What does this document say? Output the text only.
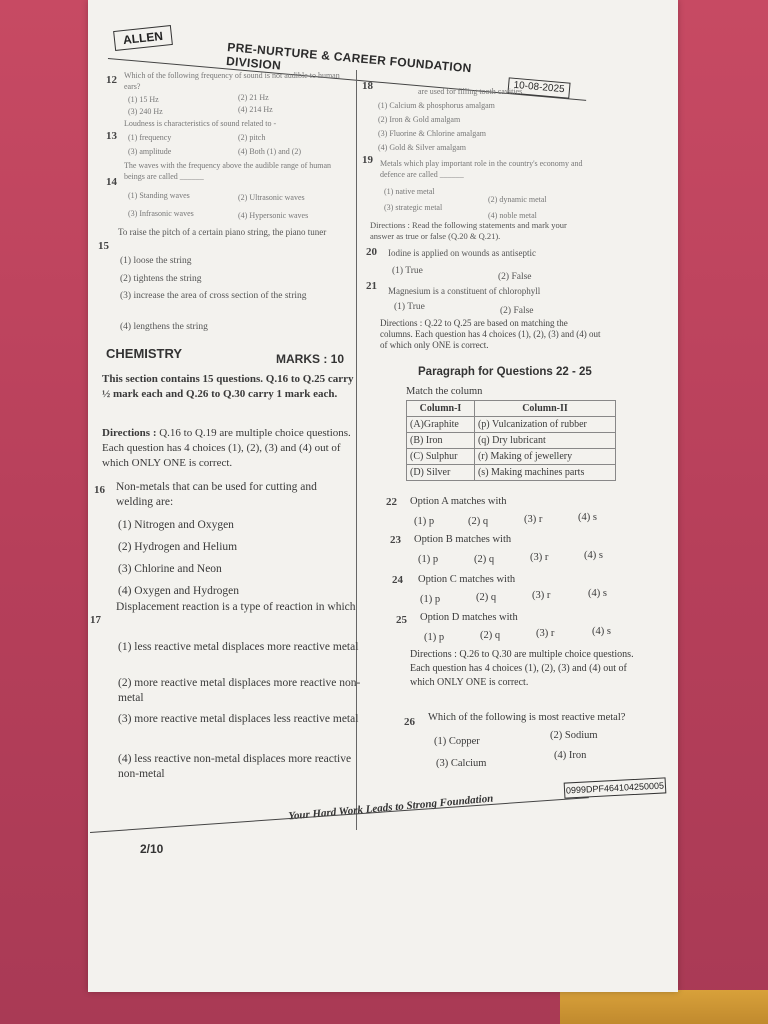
ALLEN
PRE-NURTURE & CAREER FOUNDATION DIVISION
10-08-2025
12 Which of the following frequency of sound is not audible to human ears?
(1) 15 Hz	(2) 21 Hz
(3) 240 Hz	(4) 214 Hz
13
Loudness is characteristics of sound related to -
(1) frequency	(2) pitch
(3) amplitude	(4) Both (1) and (2)
14
The waves with the frequency above the audible range of human beings are called ______
(1) Standing waves	(2) Ultrasonic waves
(3) Infrasonic waves	(4) Hypersonic waves
15
To raise the pitch of a certain piano string, the piano tuner
(1) loose the string
(2) tightens the string
(3) increase the area of cross section of the string
(4) lengthens the string
CHEMISTRY	MARKS : 10
This section contains 15 questions. Q.16 to Q.25 carry ½ mark each and Q.26 to Q.30 carry 1 mark each.
Directions : Q.16 to Q.19 are multiple choice questions. Each question has 4 choices (1), (2), (3) and (4) out of which ONLY ONE is correct.
16 Non-metals that can be used for cutting and welding are:
(1) Nitrogen and Oxygen
(2) Hydrogen and Helium
(3) Chlorine and Neon
(4) Oxygen and Hydrogen
17
Displacement reaction is a type of reaction in which
(1) less reactive metal displaces more reactive metal
(2) more reactive metal displaces more reactive non-metal
(3) more reactive metal displaces less reactive metal
(4) less reactive non-metal displaces more reactive non-metal
18	are used for filling tooth cavities
(1) Calcium & phosphorus amalgam
(2) Iron & Gold amalgam
(3) Fluorine & Chlorine amalgam
(4) Gold & Silver amalgam
19 Metals which play important role in the country's economy and defence are called ______
(1) native metal
(2) dynamic metal
(3) strategic metal
(4) noble metal
Directions : Read the following statements and mark your answer as true or false (Q.20 & Q.21).
20 Iodine is applied on wounds as antiseptic
(1) True
(2) False
21 Magnesium is a constituent of chlorophyll
(1) True	(2) False
Directions : Q.22 to Q.25 are based on matching the columns. Each question has 4 choices (1), (2), (3) and (4) out of which only ONE is correct.
Paragraph for Questions 22 - 25
Match the column
Column-I	Column-II
(A)Graphite	(p) Vulcanization of rubber
(B) Iron	(q) Dry lubricant
(C) Sulphur	(r) Making of jewellery
(D) Silver	(s) Making machines parts
22 Option A matches with
(1) p	(2) q	(3) r	(4) s
23 Option B matches with
(1) p	(2) q	(3) r	(4) s
24 Option C matches with
(1) p	(2) q	(3) r	(4) s
25 Option D matches with
(1) p	(2) q	(3) r	(4) s
Directions : Q.26 to Q.30 are multiple choice questions. Each question has 4 choices (1), (2), (3) and (4) out of which ONLY ONE is correct.
26 Which of the following is most reactive metal?
(1) Copper
(2) Sodium
(3) Calcium
(4) Iron
0999DPF464104250005
Your Hard Work Leads to Strong Foundation
2/10
